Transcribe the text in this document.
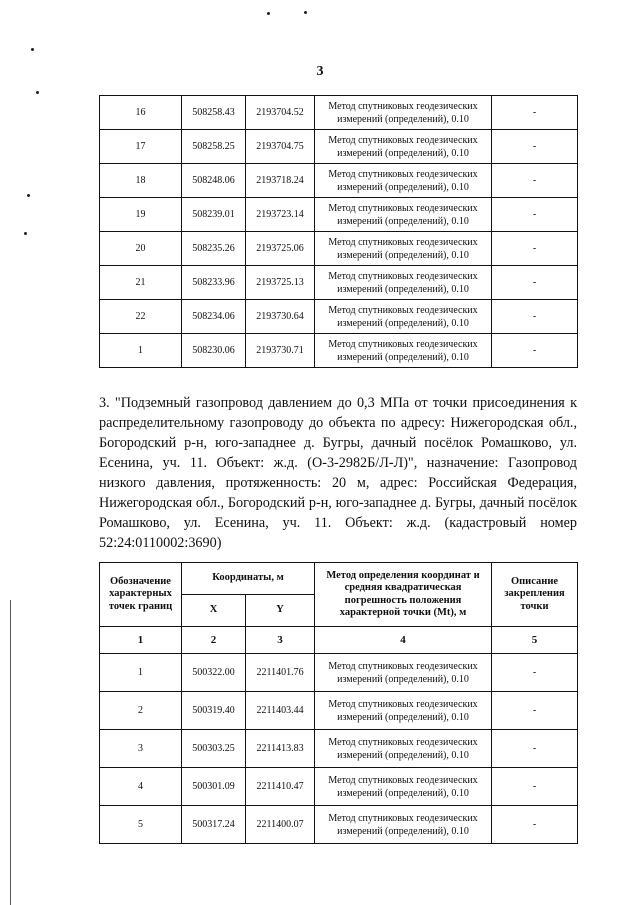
3
16	508258.43	2193704.52	Метод спутниковых геодезических измерений (определений), 0.10	-
17	508258.25	2193704.75	Метод спутниковых геодезических измерений (определений), 0.10	-
18	508248.06	2193718.24	Метод спутниковых геодезических измерений (определений), 0.10	-
19	508239.01	2193723.14	Метод спутниковых геодезических измерений (определений), 0.10	-
20	508235.26	2193725.06	Метод спутниковых геодезических измерений (определений), 0.10	-
21	508233.96	2193725.13	Метод спутниковых геодезических измерений (определений), 0.10	-
22	508234.06	2193730.64	Метод спутниковых геодезических измерений (определений), 0.10	-
1	508230.06	2193730.71	Метод спутниковых геодезических измерений (определений), 0.10	-
3. "Подземный газопровод давлением до 0,3 МПа от точки присоединения к распределительному газопроводу до объекта по адресу: Нижегородская обл., Богородский р-н, юго-западнее д. Бугры, дачный посёлок Ромашково, ул. Есенина, уч. 11. Объект: ж.д. (О-3-2982Б/Л-Л)", назначение: Газопровод низкого давления, протяженность: 20 м, адрес: Российская Федерация, Нижегородская обл., Богородский р-н, юго-западнее д. Бугры, дачный посёлок Ромашково, ул. Есенина, уч. 11. Объект: ж.д. (кадастровый номер 52:24:0110002:3690)
Обозначение характерных точек границ	Координаты, м		Метод определения координат и средняя квадратическая погрешность положения характерной точки (Mt), м	Описание закрепления точки
	X	Y		
1	2	3	4	5
1	500322.00	2211401.76	Метод спутниковых геодезических измерений (определений), 0.10	-
2	500319.40	2211403.44	Метод спутниковых геодезических измерений (определений), 0.10	-
3	500303.25	2211413.83	Метод спутниковых геодезических измерений (определений), 0.10	-
4	500301.09	2211410.47	Метод спутниковых геодезических измерений (определений), 0.10	-
5	500317.24	2211400.07	Метод спутниковых геодезических измерений (определений), 0.10	-
